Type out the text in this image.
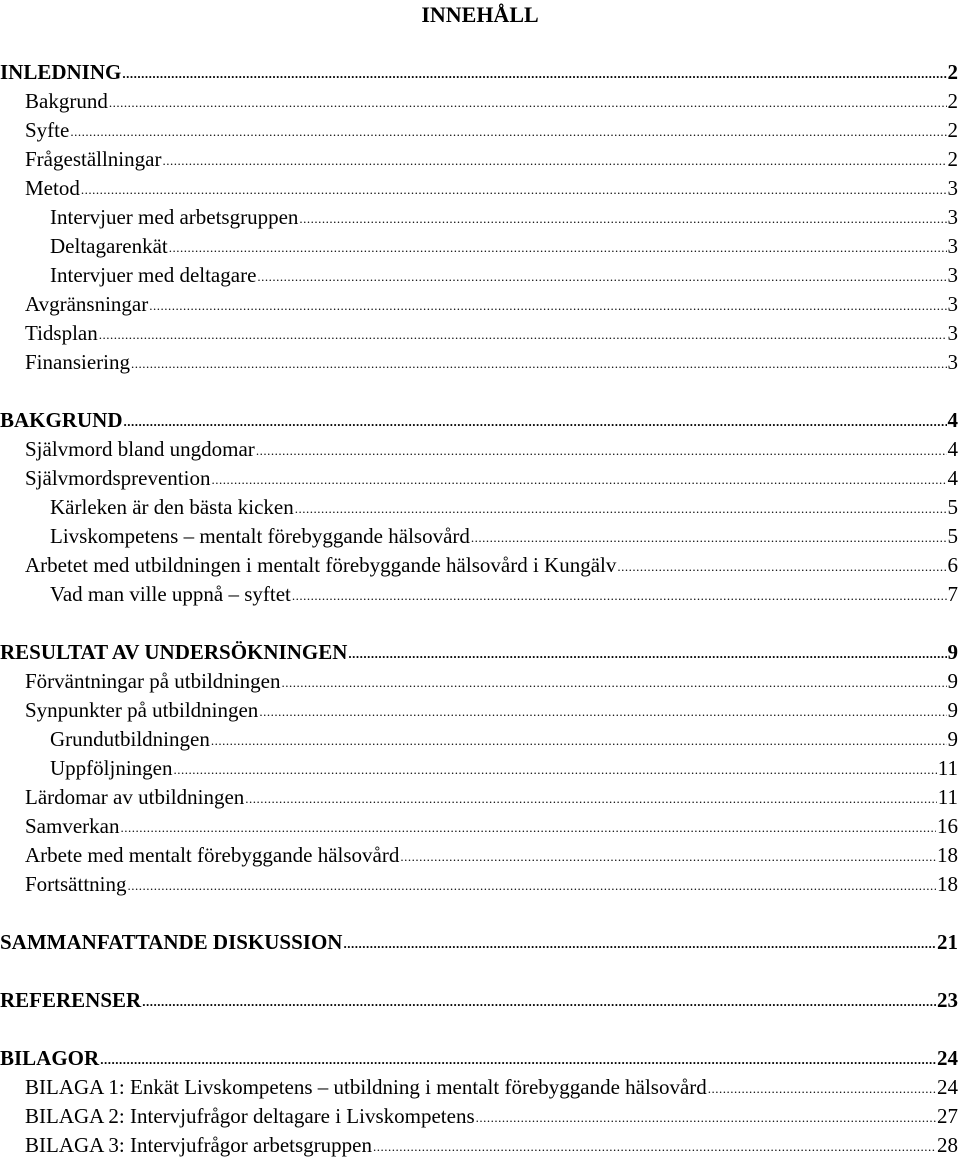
INNEHÅLL
INLEDNING .....	2
Bakgrund .....	2
Syfte .....	2
Frågeställningar .....	2
Metod .....	3
Intervjuer med arbetsgruppen .....	3
Deltagarenkät .....	3
Intervjuer med deltagare .....	3
Avgränsningar .....	3
Tidsplan .....	3
Finansiering .....	3
BAKGRUND .....	4
Självmord bland ungdomar .....	4
Självmordsprevention .....	4
Kärleken är den bästa kicken .....	5
Livskompetens – mentalt förebyggande hälsovård .....	5
Arbetet med utbildningen i mentalt förebyggande hälsovård i Kungälv .....	6
Vad man ville uppnå – syftet .....	7
RESULTAT AV UNDERSÖKNINGEN .....	9
Förväntningar på utbildningen .....	9
Synpunkter på utbildningen .....	9
Grundutbildningen .....	9
Uppföljningen .....	11
Lärdomar av utbildningen .....	11
Samverkan .....	16
Arbete med mentalt förebyggande hälsovård .....	18
Fortsättning .....	18
SAMMANFATTANDE DISKUSSION .....	21
REFERENSER .....	23
BILAGOR .....	24
BILAGA 1: Enkät Livskompetens – utbildning i mentalt förebyggande hälsovård .....	24
BILAGA 2: Intervjufrågor deltagare i Livskompetens .....	27
BILAGA 3: Intervjufrågor arbetsgruppen .....	28
